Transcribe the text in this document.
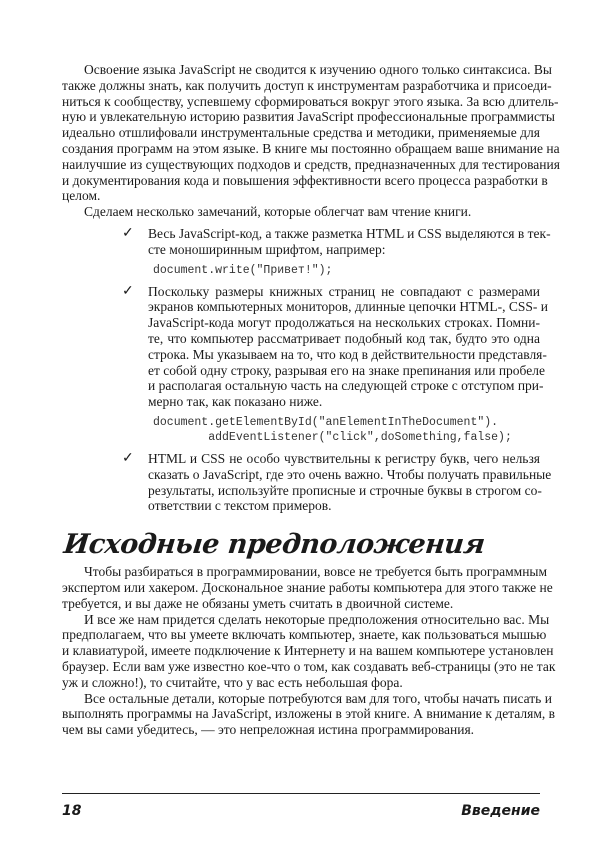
Освоение языка JavaScript не сводится к изучению одного только синтаксиса. Вы
также должны знать, как получить доступ к инструментам разработчика и присоеди-
ниться к сообществу, успевшему сформироваться вокруг этого языка. За всю длитель-
ную и увлекательную историю развития JavaScript профессиональные программисты
идеально отшлифовали инструментальные средства и методики, применяемые для
создания программ на этом языке. В книге мы постоянно обращаем ваше внимание на
наилучшие из существующих подходов и средств, предназначенных для тестирования
и документирования кода и повышения эффективности всего процесса разработки в
целом.
Сделаем несколько замечаний, которые облегчат вам чтение книги.
✓ Весь JavaScript-код, а также разметка HTML и CSS выделяются в тек-
сте моноширинным шрифтом, например:
document.write("Привет!");
✓ Поскольку размеры книжных страниц не совпадают с размерами
экранов компьютерных мониторов, длинные цепочки HTML-, CSS- и
JavaScript-кода могут продолжаться на нескольких строках. Помни-
те, что компьютер рассматривает подобный код так, будто это одна
строка. Мы указываем на то, что код в действительности представля-
ет собой одну строку, разрывая его на знаке препинания или пробеле
и располагая остальную часть на следующей строке с отступом при-
мерно так, как показано ниже.
document.getElementById("anElementInTheDocument").
addEventListener("click",doSomething,false);
✓ HTML и CSS не особо чувствительны к регистру букв, чего нельзя
сказать о JavaScript, где это очень важно. Чтобы получать правильные
результаты, используйте прописные и строчные буквы в строгом со-
ответствии с текстом примеров.
Исходные предположения
Чтобы разбираться в программировании, вовсе не требуется быть программным
экспертом или хакером. Доскональное знание работы компьютера для этого также не
требуется, и вы даже не обязаны уметь считать в двоичной системе.
И все же нам придется сделать некоторые предположения относительно вас. Мы
предполагаем, что вы умеете включать компьютер, знаете, как пользоваться мышью
и клавиатурой, имеете подключение к Интернету и на вашем компьютере установлен
браузер. Если вам уже известно кое-что о том, как создавать веб-страницы (это не так
уж и сложно!), то считайте, что у вас есть небольшая фора.
Все остальные детали, которые потребуются вам для того, чтобы начать писать и
выполнять программы на JavaScript, изложены в этой книге. А внимание к деталям, в
чем вы сами убедитесь, — это непреложная истина программирования.
18	Введение
